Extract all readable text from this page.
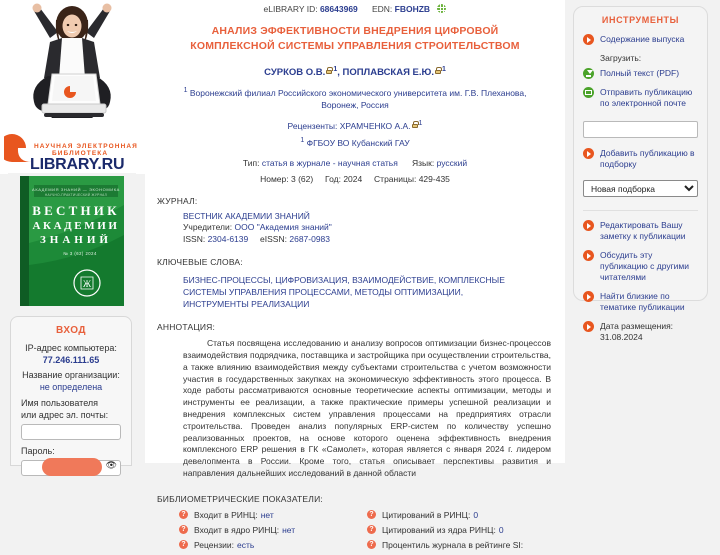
НАУЧНАЯ ЭЛЕКТРОННАЯ
БИБЛИОТЕКА
LIBRARY.RU
АКАДЕМИЯ ЗНАНИЙ — ЭКОНОМИКА
НАУЧНО-ПРАКТИЧЕСКИЙ ЖУРНАЛ
ВЕСТНИК
АКАДЕМИИ
ЗНАНИЙ
№ 3 (62) 2024
Ж
ВХОД
IP-адрес компьютера:
77.246.111.65
Название организации:
не определена
Имя пользователя
или адрес эл. почты:
Пароль:
👁
eLIBRARY ID: 68643969 EDN: FBOHZB
АНАЛИЗ ЭФФЕКТИВНОСТИ ВНЕДРЕНИЯ ЦИФРОВОЙ КОМПЛЕКСНОЙ СИСТЕМЫ УПРАВЛЕНИЯ СТРОИТЕЛЬСТВОМ
СУРКОВ О.В. $^1$, ПОПЛАВСКАЯ Е.Ю. $^1$
$^1$ Воронежский филиал Российского экономического университета им. Г.В. Плеханова, Воронеж, Россия
Рецензенты: ХРАМЧЕНКО А.А. $^1$
$^1$ ФГБОУ ВО Кубанский ГАУ
Тип: статья в журнале - научная статья Язык: русский
Номер: 3 (62) Год: 2024 Страницы: 429-435
ЖУРНАЛ:
ВЕСТНИК АКАДЕМИИ ЗНАНИЙ
Учредители: ООО "Академия знаний"
ISSN: 2304-6139 eISSN: 2687-0983
КЛЮЧЕВЫЕ СЛОВА:
БИЗНЕС-ПРОЦЕССЫ, ЦИФРОВИЗАЦИЯ, ВЗАИМОДЕЙСТВИЕ, КОМПЛЕКСНЫЕ СИСТЕМЫ УПРАВЛЕНИЯ ПРОЦЕССАМИ, МЕТОДЫ ОПТИМИЗАЦИИ, ИНСТРУМЕНТЫ РЕАЛИЗАЦИИ
АННОТАЦИЯ:
Статья посвящена исследованию и анализу вопросов оптимизации бизнес-процессов взаимодействия подрядчика, поставщика и застройщика при осуществлении строительства, а также влиянию взаимодействия между субъектами строительства с учетом возможности участия в государственных закупках на экономическую эффективность этого процесса. В ходе работы рассматриваются основные теоретические аспекты оптимизации, методы и инструменты ее реализации, а также практические примеры успешной реализации и внедрения комплексных систем управления процессами на предприятиях отрасли строительства. Проведен анализ популярных ERP-систем по количеству успешно реализованных проектов, на основе которого оценена эффективность внедрения комплексного ERP решения в ГК «Самолет», которая является с января 2024 г. лидером девелопмента в России. Кроме того, статья описывает перспективы развития и направления дальнейших исследований в данной области
БИБЛИОМЕТРИЧЕСКИЕ ПОКАЗАТЕЛИ:
? Входит в РИНЦ: нет
? Входит в ядро РИНЦ: нет
? Рецензии: есть
? Цитирований в РИНЦ: 0
? Цитирований из ядра РИНЦ: 0
? Процентиль журнала в рейтинге SI:
ИНСТРУМЕНТЫ
Содержание выпуска
Загрузить:
Полный текст (PDF)
Отправить публикацию по электронной почте
Добавить публикацию в подборку
Новая подборка
Редактировать Вашу заметку к публикации
Обсудить эту публикацию с другими читателями
Найти близкие по тематике публикации
Дата размещения:
31.08.2024
